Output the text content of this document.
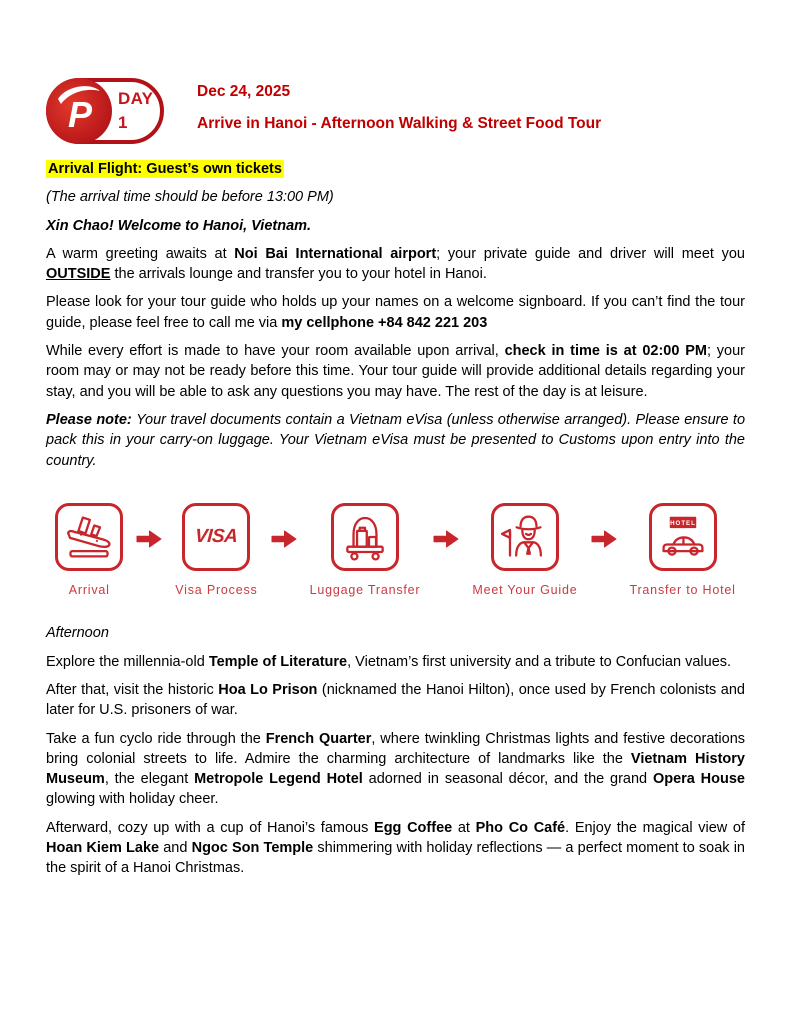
P DAY 1

Dec 24, 2025

Arrive in Hanoi - Afternoon Walking & Street Food Tour

Arrival Flight: Guest’s own tickets

(The arrival time should be before 13:00 PM)

Xin Chao! Welcome to Hanoi, Vietnam.

A warm greeting awaits at Noi Bai International airport; your private guide and driver will meet you OUTSIDE the arrivals lounge and transfer you to your hotel in Hanoi.

Please look for your tour guide who holds up your names on a welcome signboard. If you can’t find the tour guide, please feel free to call me via my cellphone +84 842 221 203

While every effort is made to have your room available upon arrival, check in time is at 02:00 PM; your room may or may not be ready before this time. Your tour guide will provide additional details regarding your stay, and you will be able to ask any questions you may have. The rest of the day is at leisure.

Please note: Your travel documents contain a Vietnam eVisa (unless otherwise arranged). Please ensure to pack this in your carry-on luggage. Your Vietnam eVisa must be presented to Customs upon entry into the country.

Arrival
VISA
Visa Process	Luggage Transfer	Meet Your Guide
HOTEL
Transfer to Hotel

Afternoon

Explore the millennia-old Temple of Literature, Vietnam’s first university and a tribute to Confucian values.

After that, visit the historic Hoa Lo Prison (nicknamed the Hanoi Hilton), once used by French colonists and later for U.S. prisoners of war.

Take a fun cyclo ride through the French Quarter, where twinkling Christmas lights and festive decorations bring colonial streets to life. Admire the charming architecture of landmarks like the Vietnam History Museum, the elegant Metropole Legend Hotel adorned in seasonal décor, and the grand Opera House glowing with holiday cheer.

Afterward, cozy up with a cup of Hanoi’s famous Egg Coffee at Pho Co Café. Enjoy the magical view of Hoan Kiem Lake and Ngoc Son Temple shimmering with holiday reflections — a perfect moment to soak in the spirit of a Hanoi Christmas.
